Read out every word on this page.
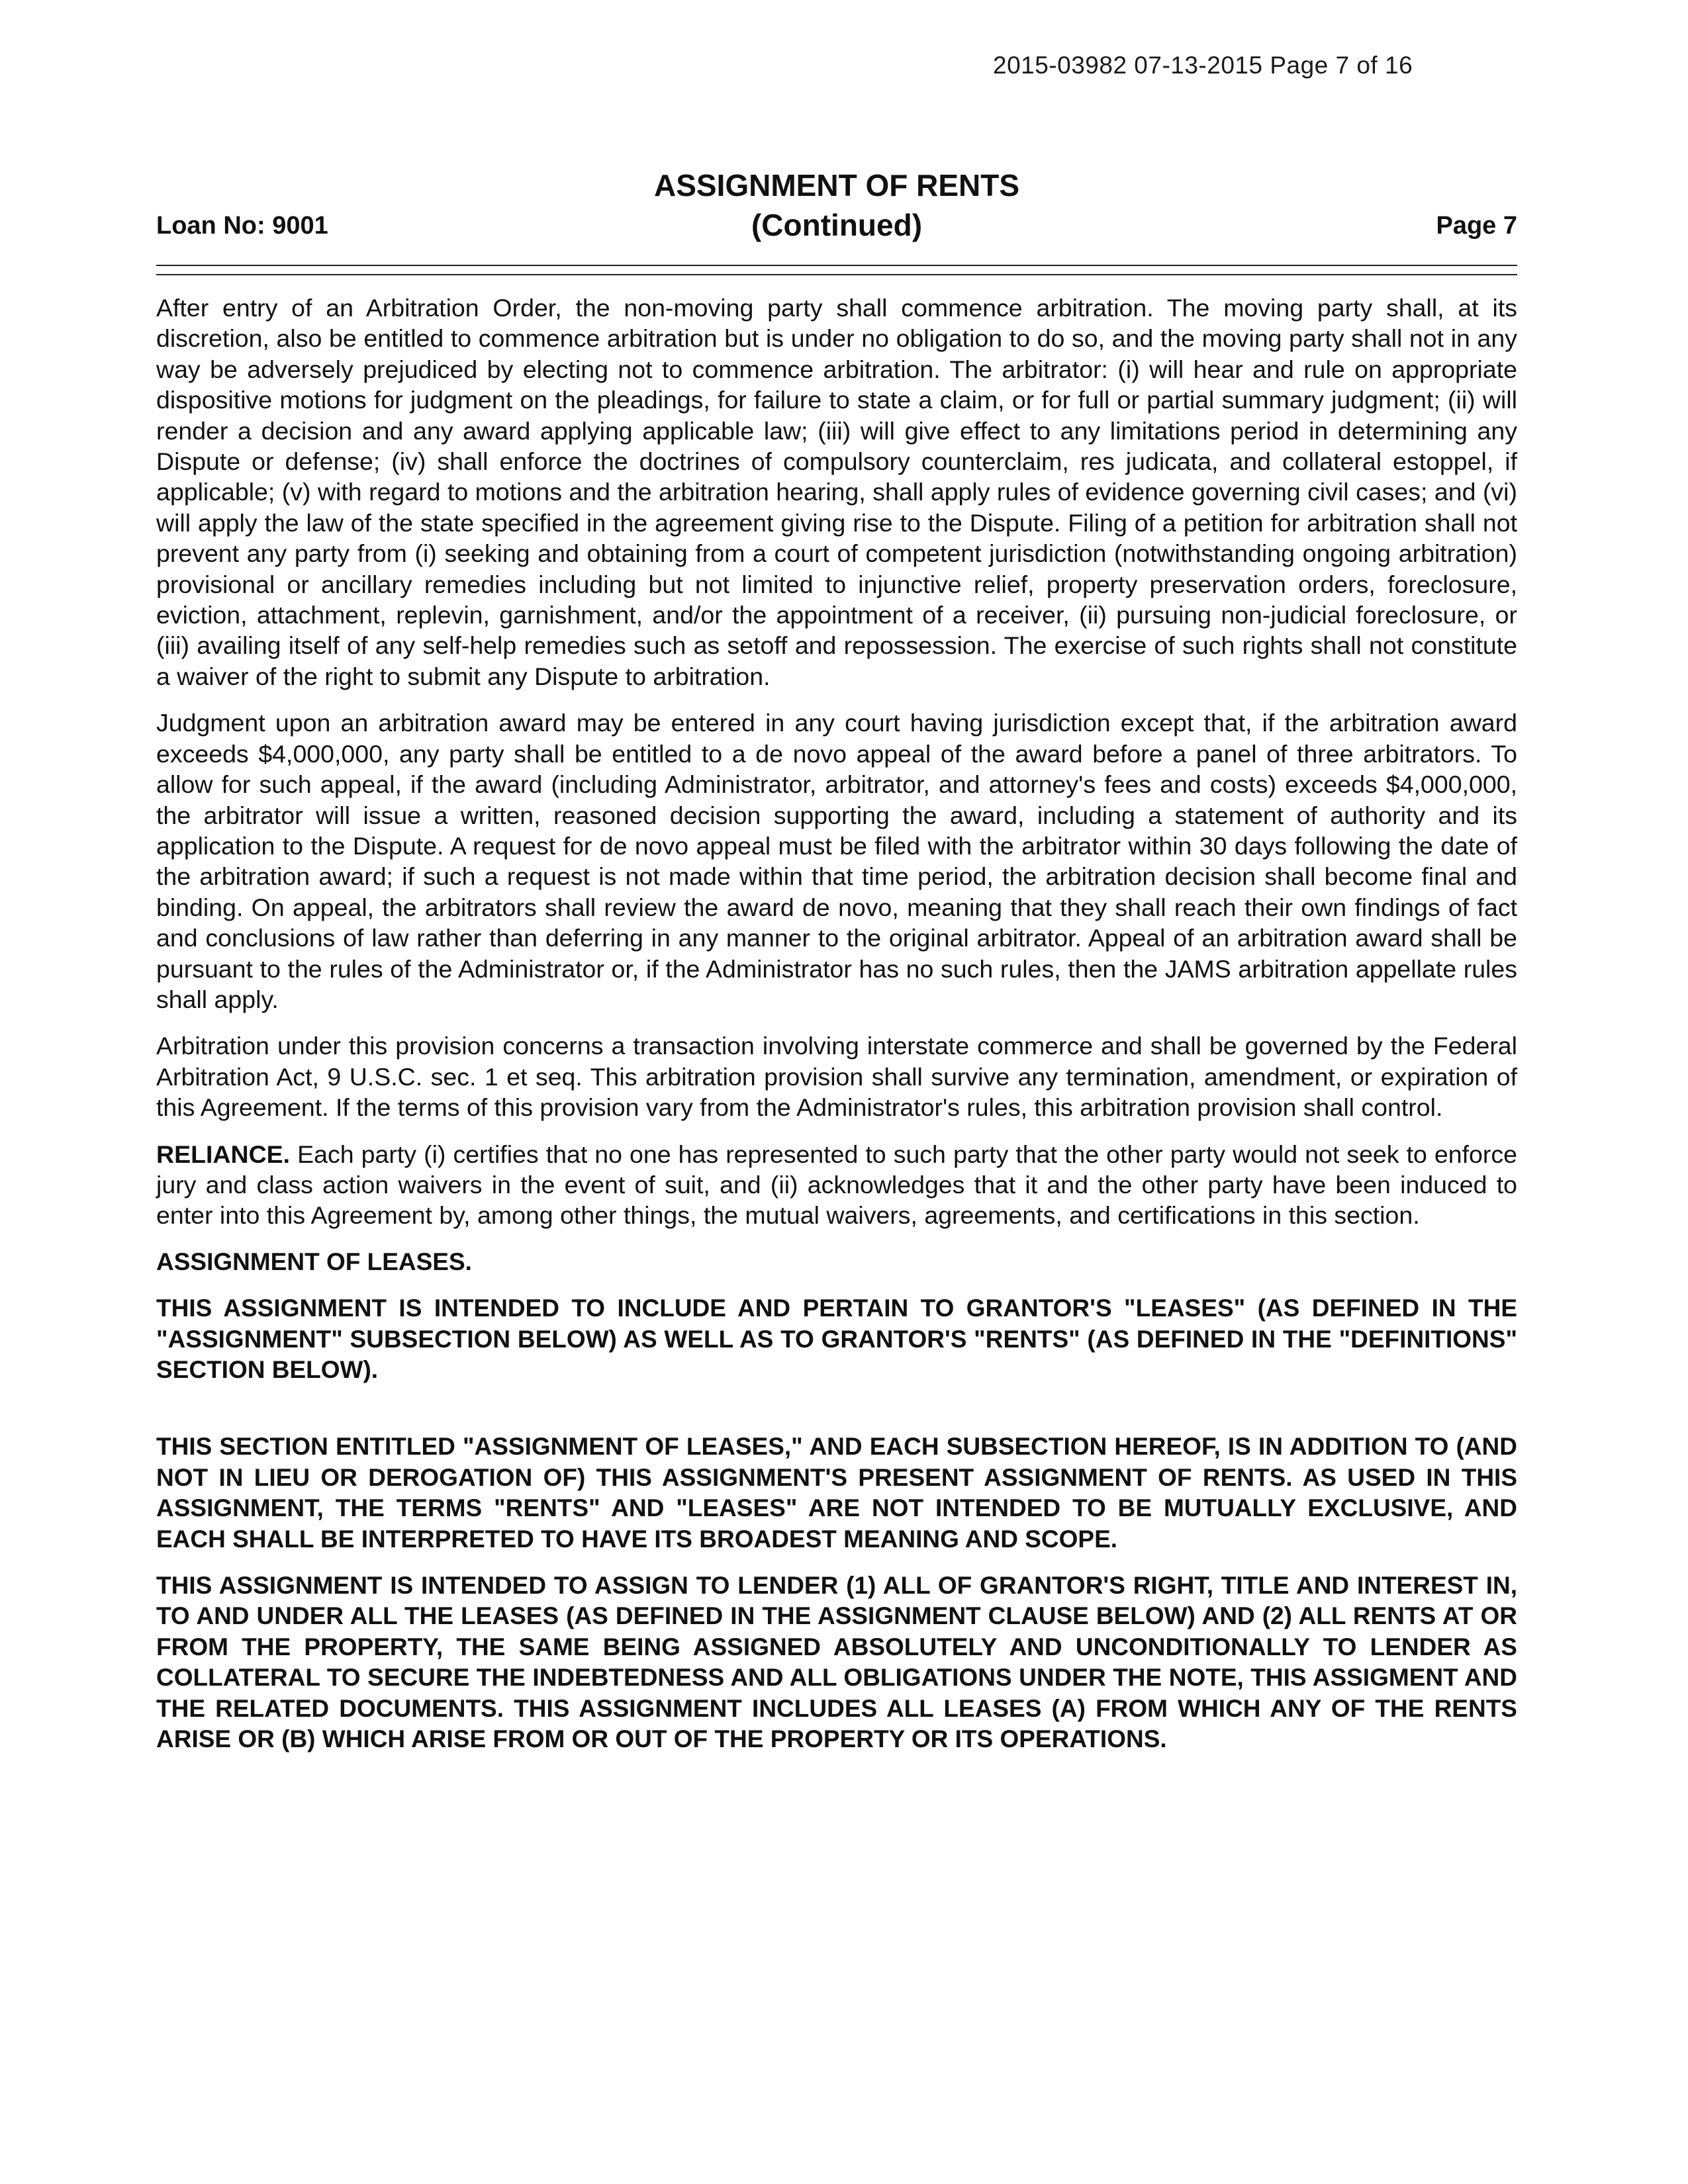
2015-03982 07-13-2015 Page 7 of 16
ASSIGNMENT OF RENTS
(Continued)
Loan No: 9001	Page 7

After entry of an Arbitration Order, the non-moving party shall commence arbitration. The moving party shall, at its discretion, also be entitled to commence arbitration but is under no obligation to do so, and the moving party shall not in any way be adversely prejudiced by electing not to commence arbitration. The arbitrator: (i) will hear and rule on appropriate dispositive motions for judgment on the pleadings, for failure to state a claim, or for full or partial summary judgment; (ii) will render a decision and any award applying applicable law; (iii) will give effect to any limitations period in determining any Dispute or defense; (iv) shall enforce the doctrines of compulsory counterclaim, res judicata, and collateral estoppel, if applicable; (v) with regard to motions and the arbitration hearing, shall apply rules of evidence governing civil cases; and (vi) will apply the law of the state specified in the agreement giving rise to the Dispute. Filing of a petition for arbitration shall not prevent any party from (i) seeking and obtaining from a court of competent jurisdiction (notwithstanding ongoing arbitration) provisional or ancillary remedies including but not limited to injunctive relief, property preservation orders, foreclosure, eviction, attachment, replevin, garnishment, and/or the appointment of a receiver, (ii) pursuing non-judicial foreclosure, or (iii) availing itself of any self-help remedies such as setoff and repossession. The exercise of such rights shall not constitute a waiver of the right to submit any Dispute to arbitration.

Judgment upon an arbitration award may be entered in any court having jurisdiction except that, if the arbitration award exceeds $4,000,000, any party shall be entitled to a de novo appeal of the award before a panel of three arbitrators. To allow for such appeal, if the award (including Administrator, arbitrator, and attorney's fees and costs) exceeds $4,000,000, the arbitrator will issue a written, reasoned decision supporting the award, including a statement of authority and its application to the Dispute. A request for de novo appeal must be filed with the arbitrator within 30 days following the date of the arbitration award; if such a request is not made within that time period, the arbitration decision shall become final and binding. On appeal, the arbitrators shall review the award de novo, meaning that they shall reach their own findings of fact and conclusions of law rather than deferring in any manner to the original arbitrator. Appeal of an arbitration award shall be pursuant to the rules of the Administrator or, if the Administrator has no such rules, then the JAMS arbitration appellate rules shall apply.

Arbitration under this provision concerns a transaction involving interstate commerce and shall be governed by the Federal Arbitration Act, 9 U.S.C. sec. 1 et seq. This arbitration provision shall survive any termination, amendment, or expiration of this Agreement. If the terms of this provision vary from the Administrator's rules, this arbitration provision shall control.

RELIANCE. Each party (i) certifies that no one has represented to such party that the other party would not seek to enforce jury and class action waivers in the event of suit, and (ii) acknowledges that it and the other party have been induced to enter into this Agreement by, among other things, the mutual waivers, agreements, and certifications in this section.

ASSIGNMENT OF LEASES.

THIS ASSIGNMENT IS INTENDED TO INCLUDE AND PERTAIN TO GRANTOR'S "LEASES" (AS DEFINED IN THE "ASSIGNMENT" SUBSECTION BELOW) AS WELL AS TO GRANTOR'S "RENTS" (AS DEFINED IN THE "DEFINITIONS" SECTION BELOW).

THIS SECTION ENTITLED "ASSIGNMENT OF LEASES," AND EACH SUBSECTION HEREOF, IS IN ADDITION TO (AND NOT IN LIEU OR DEROGATION OF) THIS ASSIGNMENT'S PRESENT ASSIGNMENT OF RENTS. AS USED IN THIS ASSIGNMENT, THE TERMS "RENTS" AND "LEASES" ARE NOT INTENDED TO BE MUTUALLY EXCLUSIVE, AND EACH SHALL BE INTERPRETED TO HAVE ITS BROADEST MEANING AND SCOPE.

THIS ASSIGNMENT IS INTENDED TO ASSIGN TO LENDER (1) ALL OF GRANTOR'S RIGHT, TITLE AND INTEREST IN, TO AND UNDER ALL THE LEASES (AS DEFINED IN THE ASSIGNMENT CLAUSE BELOW) AND (2) ALL RENTS AT OR FROM THE PROPERTY, THE SAME BEING ASSIGNED ABSOLUTELY AND UNCONDITIONALLY TO LENDER AS COLLATERAL TO SECURE THE INDEBTEDNESS AND ALL OBLIGATIONS UNDER THE NOTE, THIS ASSIGMENT AND THE RELATED DOCUMENTS. THIS ASSIGNMENT INCLUDES ALL LEASES (A) FROM WHICH ANY OF THE RENTS ARISE OR (B) WHICH ARISE FROM OR OUT OF THE PROPERTY OR ITS OPERATIONS.
